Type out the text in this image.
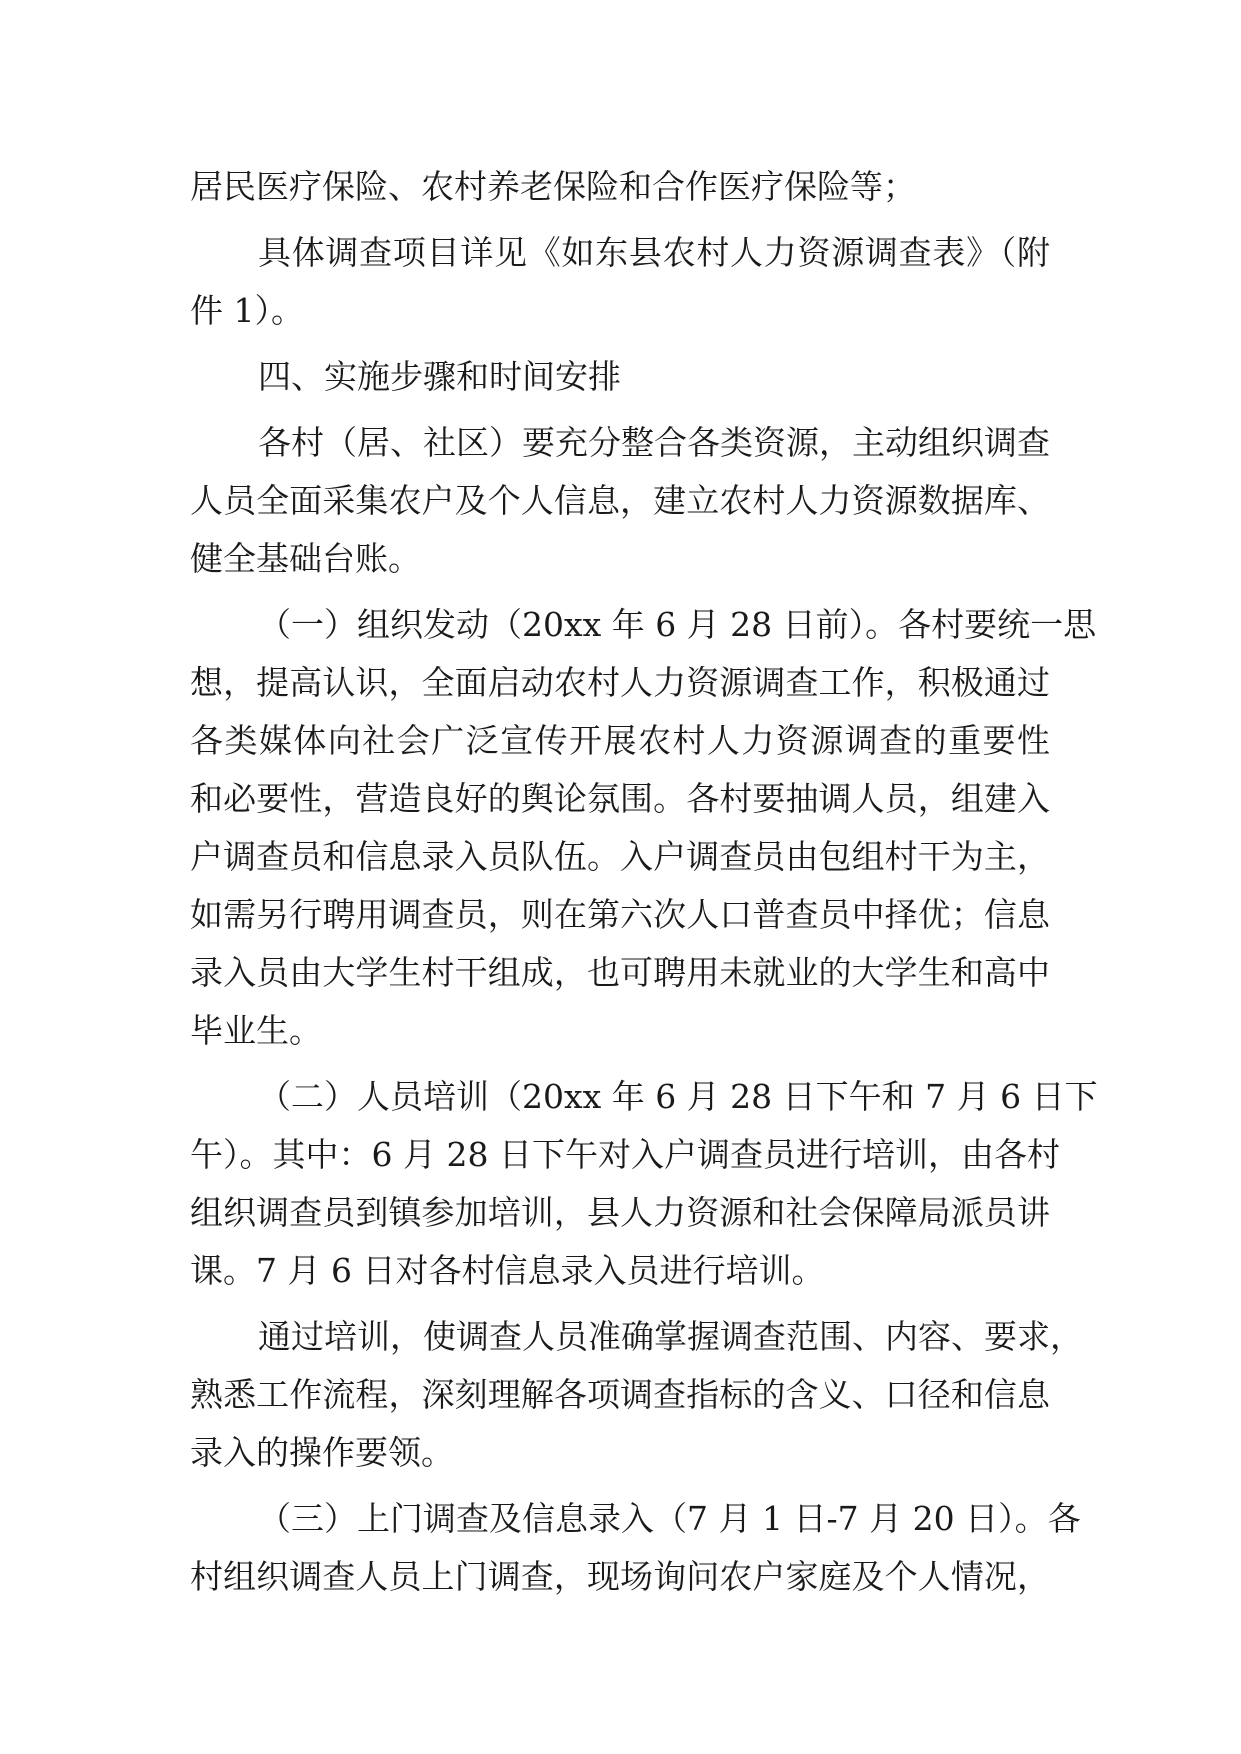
居民医疗保险、农村养老保险和合作医疗保险等；
具体调查项目详见《如东县农村人力资源调查表》（附
件 1）。
四、实施步骤和时间安排
各村（居、社区）要充分整合各类资源，主动组织调查
人员全面采集农户及个人信息，建立农村人力资源数据库、
健全基础台账。
（一）组织发动（20xx 年 6 月 28 日前）。各村要统一思
想，提高认识，全面启动农村人力资源调查工作，积极通过
各类媒体向社会广泛宣传开展农村人力资源调查的重要性
和必要性，营造良好的舆论氛围。各村要抽调人员，组建入
户调查员和信息录入员队伍。入户调查员由包组村干为主，
如需另行聘用调查员，则在第六次人口普查员中择优；信息
录入员由大学生村干组成，也可聘用未就业的大学生和高中
毕业生。
（二）人员培训（20xx 年 6 月 28 日下午和 7 月 6 日下
午）。其中：6 月 28 日下午对入户调查员进行培训，由各村
组织调查员到镇参加培训，县人力资源和社会保障局派员讲
课。7 月 6 日对各村信息录入员进行培训。
通过培训，使调查人员准确掌握调查范围、内容、要求，
熟悉工作流程，深刻理解各项调查指标的含义、口径和信息
录入的操作要领。
（三）上门调查及信息录入（7 月 1 日-7 月 20 日）。各
村组织调查人员上门调查，现场询问农户家庭及个人情况，
